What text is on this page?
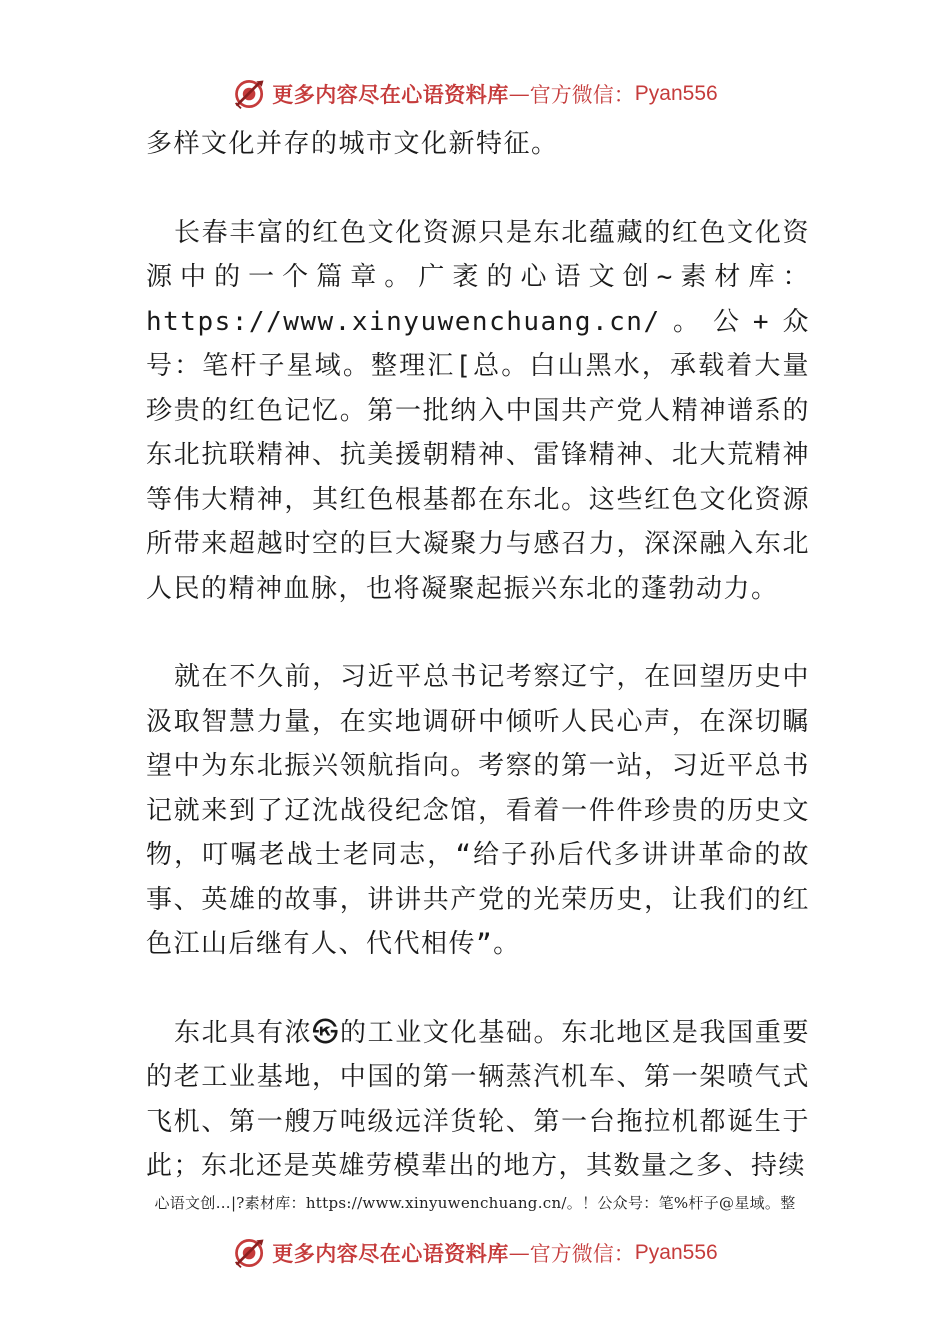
更多内容尽在心语资料库 — 官方微信： Pyan556

多样文化并存的城市文化新特征。

长春丰富的红色文化资源只是东北蕴藏的红色文化资源中的一个篇章。广袤的心语文创~素材库：https://www.xinyuwenchuang.cn/。公+众号：笔杆子星域。整理汇[总。白山黑水，承载着大量珍贵的红色记忆。第一批纳入中国共产党人精神谱系的东北抗联精神、抗美援朝精神、雷锋精神、北大荒精神等伟大精神，其红色根基都在东北。这些红色文化资源所带来超越时空的巨大凝聚力与感召力，深深融入东北人民的精神血脉，也将凝聚起振兴东北的蓬勃动力。

就在不久前，习近平总书记考察辽宁，在回望历史中汲取智慧力量，在实地调研中倾听人民心声，在深切瞩望中为东北振兴领航指向。考察的第一站，习近平总书记就来到了辽沈战役纪念馆，看着一件件珍贵的历史文物，叮嘱老战士老同志，“给子孙后代多讲讲革命的故事、英雄的故事，讲讲共产党的光荣历史，让我们的红色江山后继有人、代代相传”。

东北具有浓㉿的工业文化基础。东北地区是我国重要的老工业基地，中国的第一辆蒸汽机车、第一架喷气式飞机、第一艘万吨级远洋货轮、第一台拖拉机都诞生于此；东北还是英雄劳模辈出的地方，其数量之多、持续

心语文创…|?素材库：https://www.xinyuwenchuang.cn/。！公众号：笔%杆子@星域。整
更多内容尽在心语资料库 — 官方微信： Pyan556
